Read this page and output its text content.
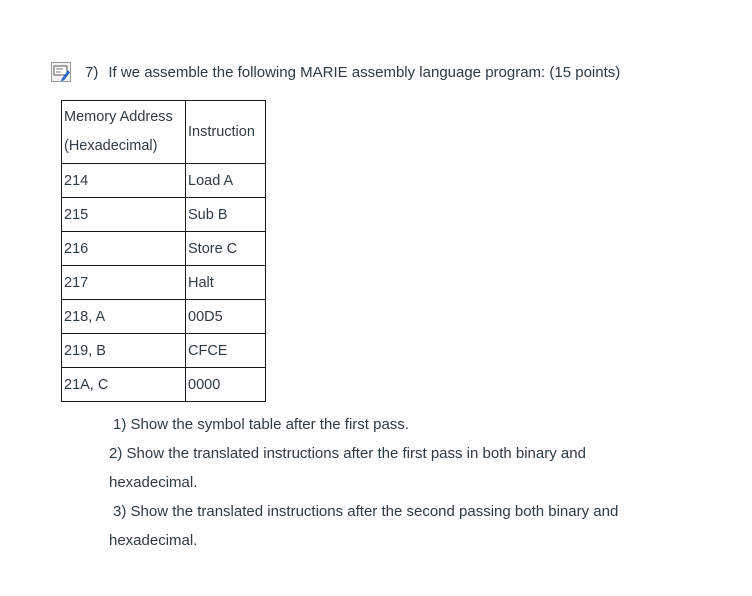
7) If we assemble the following MARIE assembly language program: (15 points)
Memory Address
(Hexadecimal)	Instruction
214	Load A
215	Sub B
216	Store C
217	Halt
218, A	00D5
219, B	CFCE
21A, C	0000

1) Show the symbol table after the first pass.

2) Show the translated instructions after the first pass in both binary and

hexadecimal.

3) Show the translated instructions after the second passing both binary and

hexadecimal.
